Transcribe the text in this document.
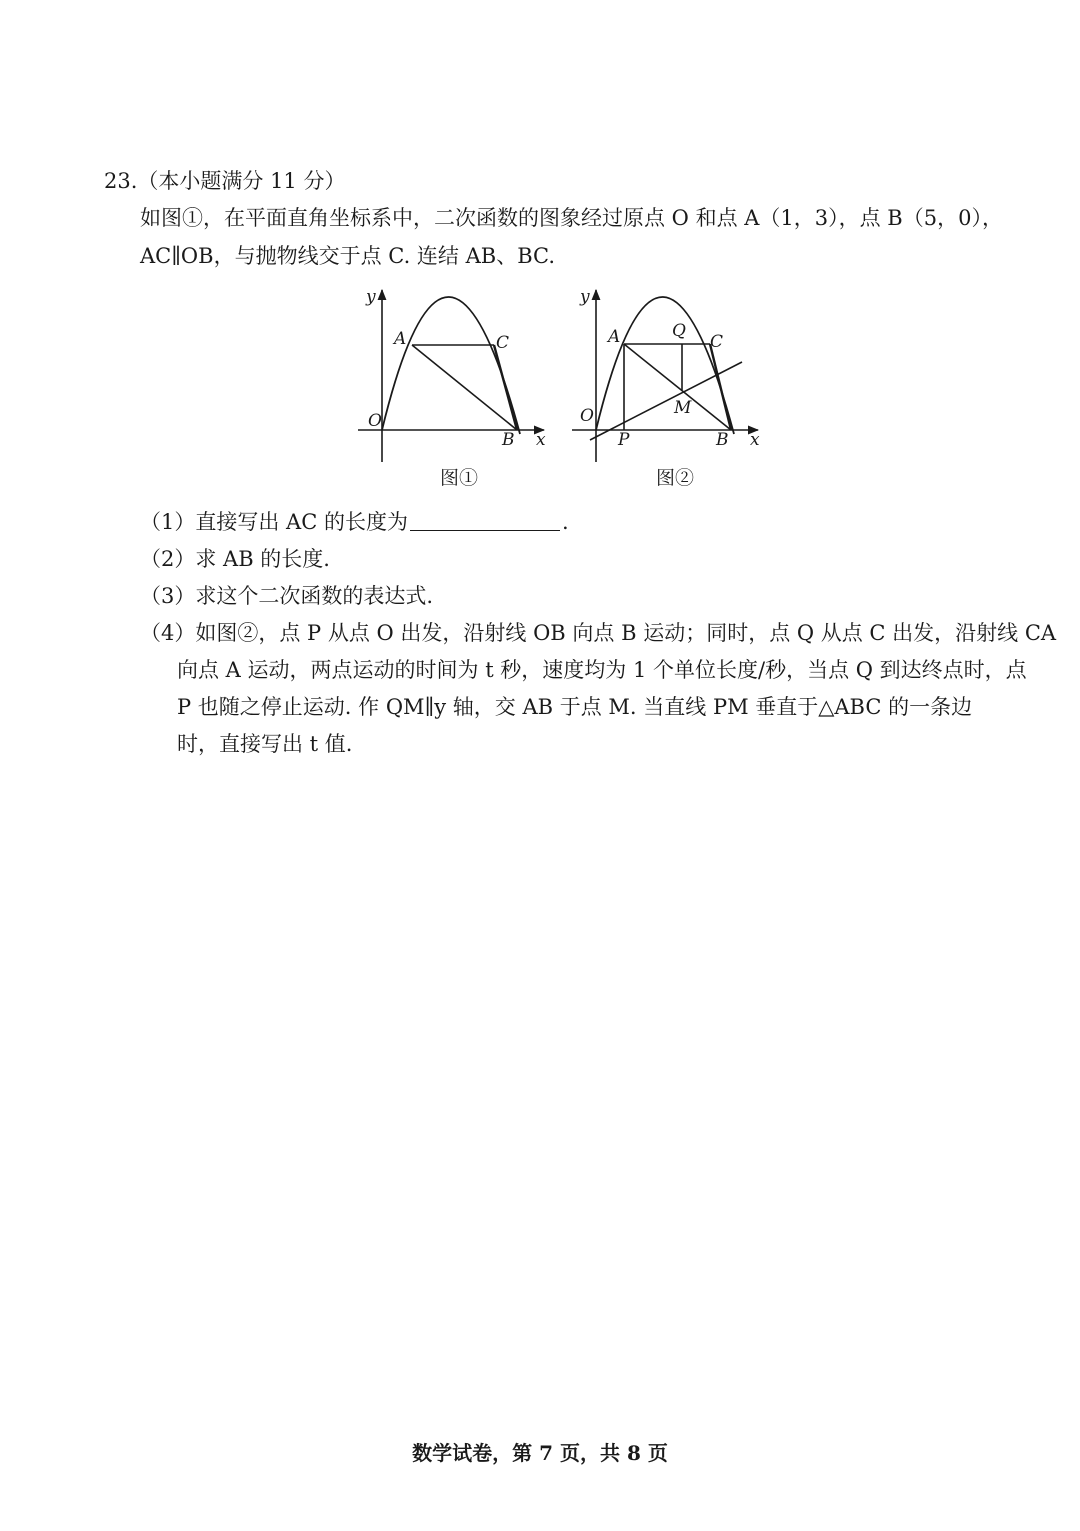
23.（本小题满分 11 分）
如图①，在平面直角坐标系中，二次函数的图象经过原点 O 和点 A（1，3），点 B（5，0），
AC∥OB，与抛物线交于点 C. 连结 AB、BC.
y
x
O
A	C
B
图①
y
x
O
A	Q
C
M
P	B
图②
（1）直接写出 AC 的长度为	.
（2）求 AB 的长度.
（3）求这个二次函数的表达式.
（4）如图②，点 P 从点 O 出发，沿射线 OB 向点 B 运动；同时，点 Q 从点 C 出发，沿射线 CA
向点 A 运动，两点运动的时间为 t 秒，速度均为 1 个单位长度/秒，当点 Q 到达终点时，点
P 也随之停止运动. 作 QM∥y 轴，交 AB 于点 M. 当直线 PM 垂直于△ABC 的一条边
时，直接写出 t 值.
数学试卷，第 7 页，共 8 页
